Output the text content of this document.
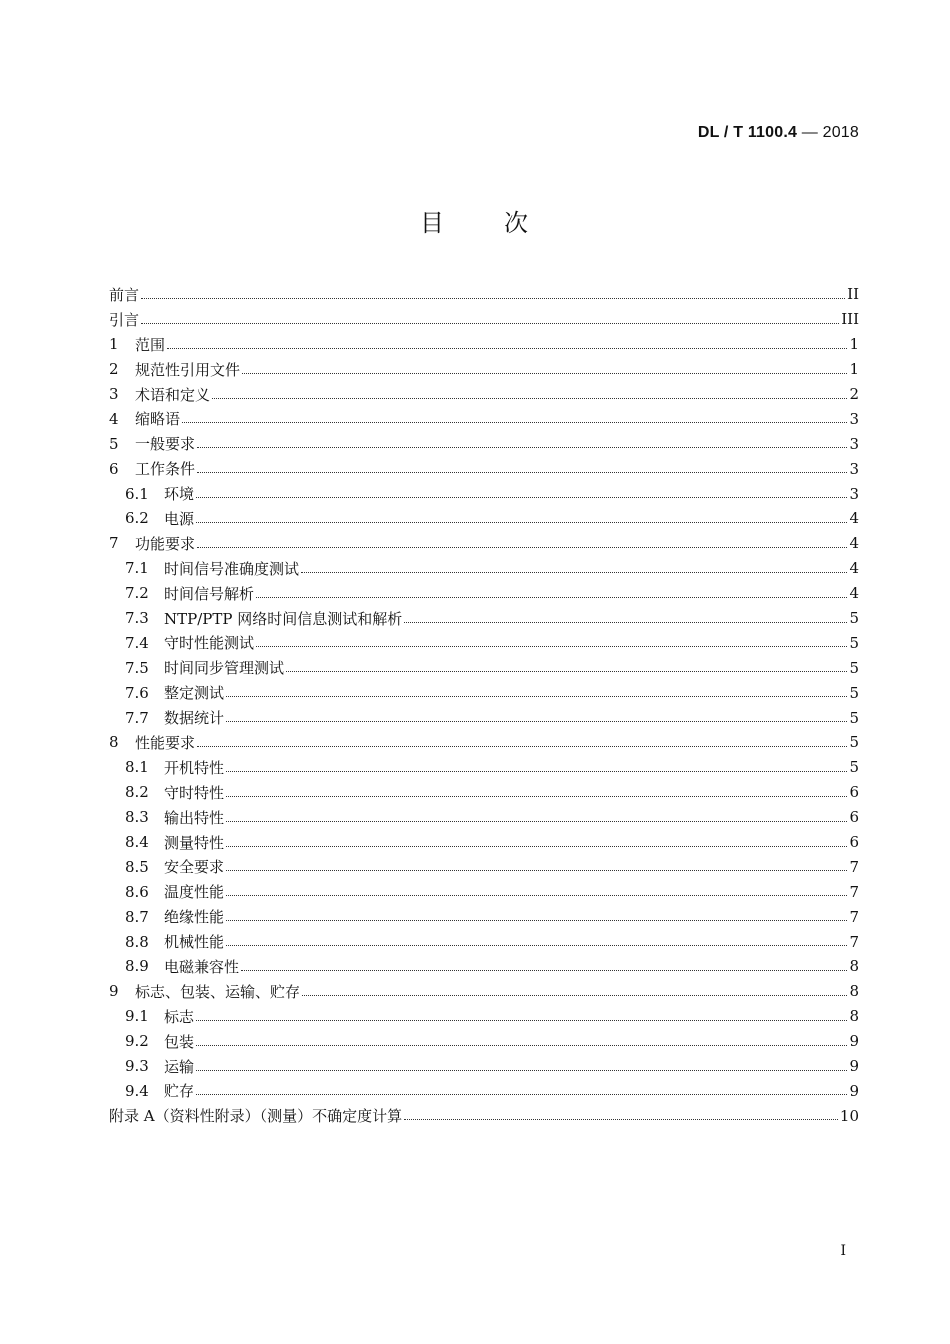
DL / T 1100.4 — 2018
目 次
前言	II
引言	III
1	范围	1
2	规范性引用文件	1
3	术语和定义	2
4	缩略语	3
5	一般要求	3
6	工作条件	3
6.1	环境	3
6.2	电源	4
7	功能要求	4
7.1	时间信号准确度测试	4
7.2	时间信号解析	4
7.3	NTP/PTP 网络时间信息测试和解析	5
7.4	守时性能测试	5
7.5	时间同步管理测试	5
7.6	整定测试	5
7.7	数据统计	5
8	性能要求	5
8.1	开机特性	5
8.2	守时特性	6
8.3	输出特性	6
8.4	测量特性	6
8.5	安全要求	7
8.6	温度性能	7
8.7	绝缘性能	7
8.8	机械性能	7
8.9	电磁兼容性	8
9	标志、包装、运输、贮存	8
9.1	标志	8
9.2	包装	9
9.3	运输	9
9.4	贮存	9
附录 A（资料性附录）（测量）不确定度计算	10
I
